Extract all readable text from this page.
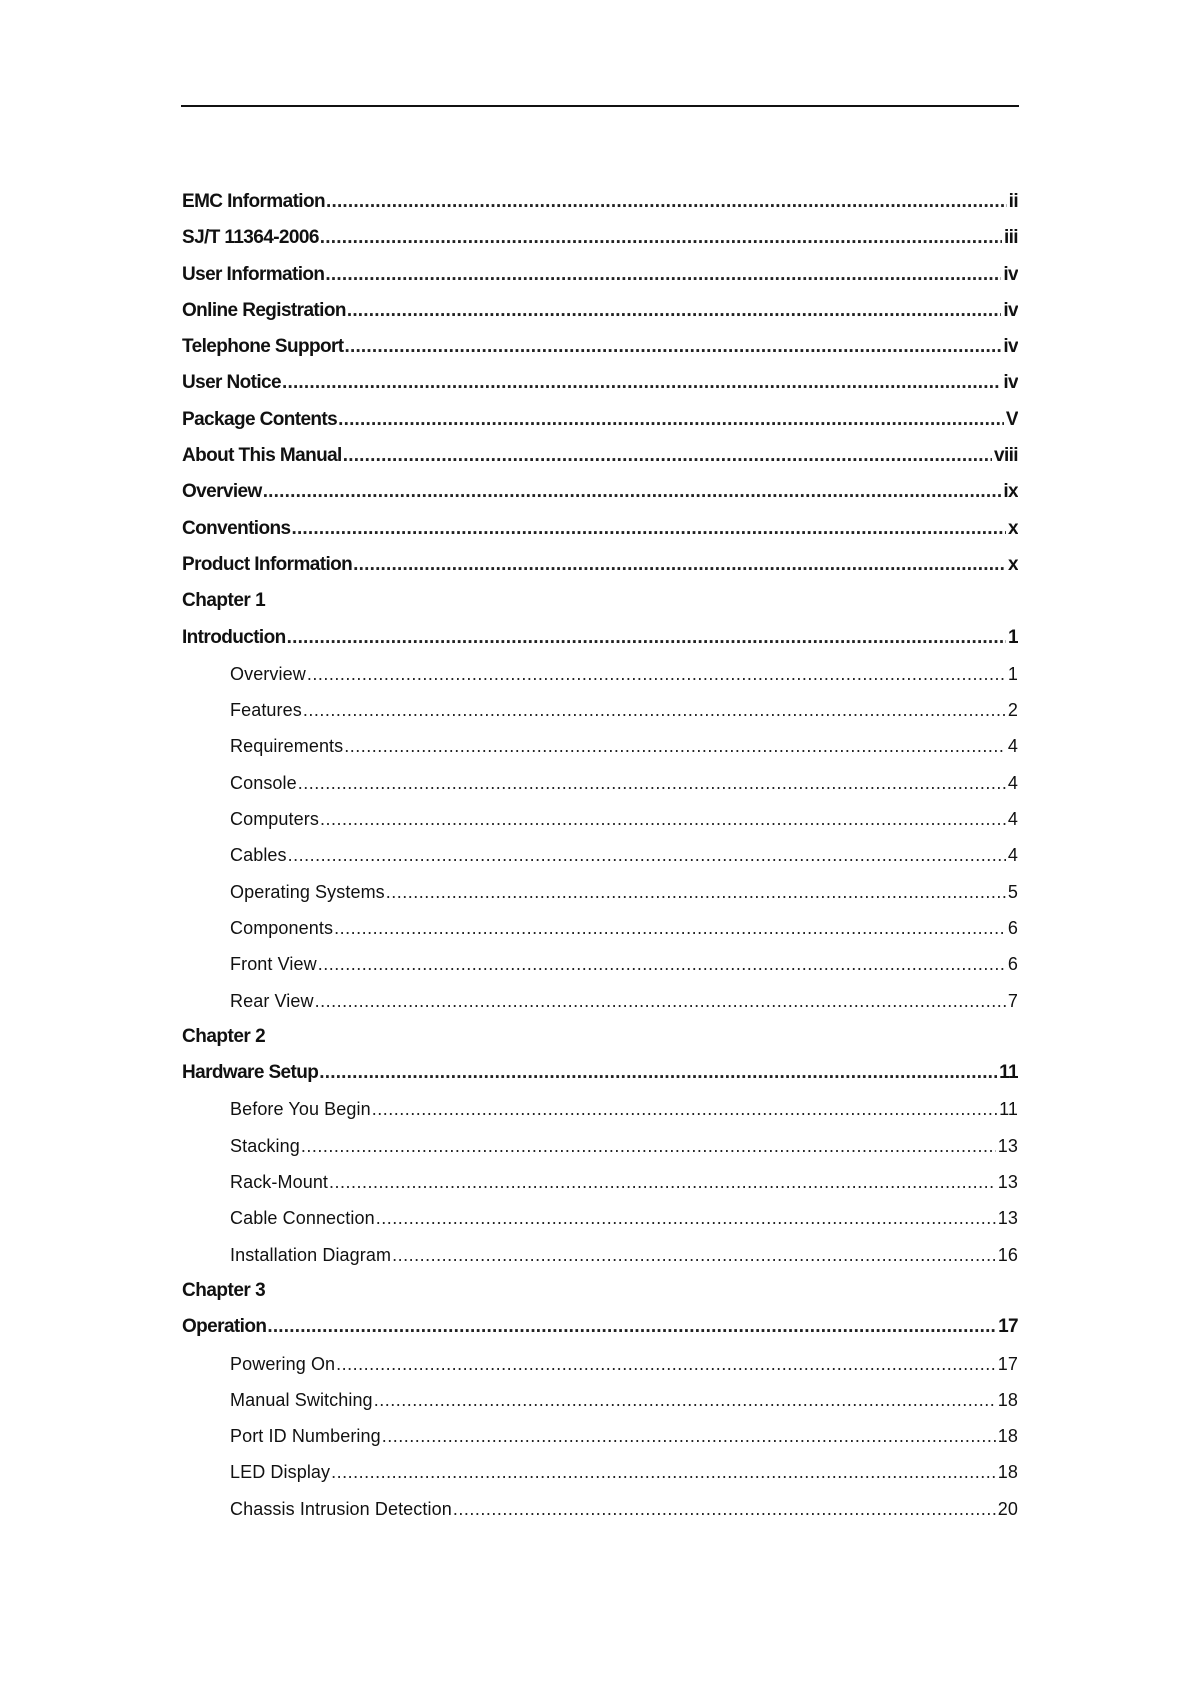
EMC Information .....	ii
SJ/T 11364-2006 .....	iii
User Information .....	iv
Online Registration .....	iv
Telephone Support .....	iv
User Notice .....	iv
Package Contents .....	V
About This Manual .....	viii
Overview .....	ix
Conventions .....	x
Product Information .....	x
Chapter 1
Introduction .....	1
Overview .....	1
Features .....	2
Requirements .....	4
Console .....	4
Computers .....	4
Cables .....	4
Operating Systems .....	5
Components .....	6
Front View .....	6
Rear View .....	7
Chapter 2
Hardware Setup .....	11
Before You Begin .....	11
Stacking .....	13
Rack-Mount .....	13
Cable Connection .....	13
Installation Diagram .....	16
Chapter 3
Operation .....	17
Powering On .....	17
Manual Switching .....	18
Port ID Numbering .....	18
LED Display .....	18
Chassis Intrusion Detection .....	20
